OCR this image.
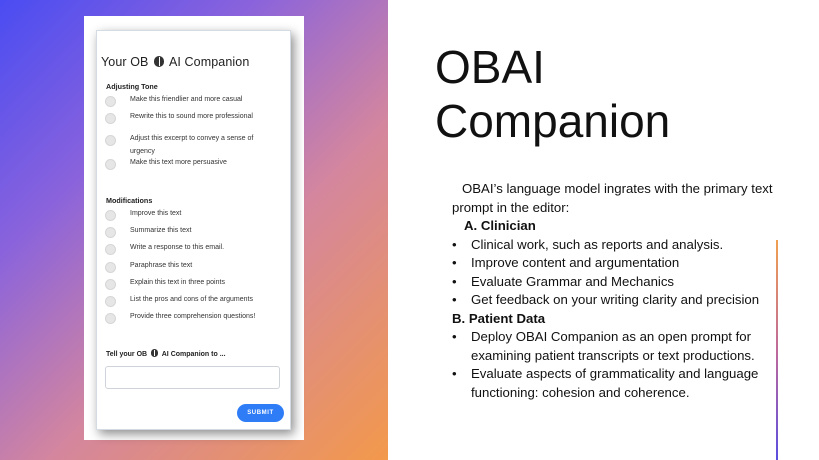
Your OB AI Companion
Adjusting Tone
Make this friendlier and more casual
Rewrite this to sound more professional
Adjust this excerpt to convey a sense of urgency
Make this text more persuasive
Modifications
Improve this text
Summarize this text
Write a response to this email.
Paraphrase this text
Explain this text in three points
List the pros and cons of the arguments
Provide three comprehension questions!
Tell your OB AI Companion to ...
SUBMIT
OBAI
Companion

OBAI’s language model ingrates with the primary text prompt in the editor:

A. Clinician

• Clinical work, such as reports and analysis.
• Improve content and argumentation
• Evaluate Grammar and Mechanics
• Get feedback on your writing clarity and precision

B. Patient Data

• Deploy OBAI Companion as an open prompt for examining patient transcripts or text productions.
• Evaluate aspects of grammaticality and language functioning: cohesion and coherence.
